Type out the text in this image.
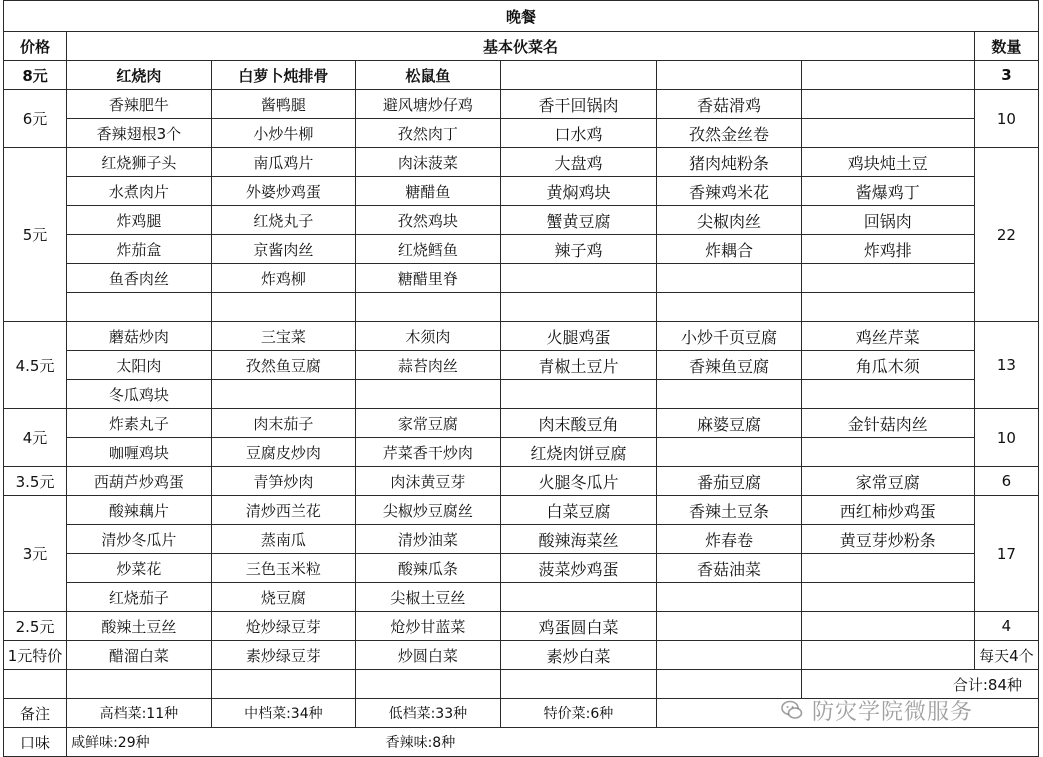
晚餐							
价格	基本伙菜名						数量
8元	红烧肉	白萝卜炖排骨	松鼠鱼				3
6元	香辣肥牛	酱鸭腿	避风塘炒仔鸡	香干回锅肉	香菇滑鸡		10
	香辣翅根3个	小炒牛柳	孜然肉丁	口水鸡	孜然金丝卷		
5元	红烧狮子头	南瓜鸡片	肉沫菠菜	大盘鸡	猪肉炖粉条	鸡块炖土豆	22
	水煮肉片	外婆炒鸡蛋	糖醋鱼	黄焖鸡块	香辣鸡米花	酱爆鸡丁	
	炸鸡腿	红烧丸子	孜然鸡块	蟹黄豆腐	尖椒肉丝	回锅肉	
	炸茄盒	京酱肉丝	红烧鳕鱼	辣子鸡	炸耦合	炸鸡排	
	鱼香肉丝	炸鸡柳	糖醋里脊				

4.5元	蘑菇炒肉	三宝菜	木须肉	火腿鸡蛋	小炒千页豆腐	鸡丝芹菜	13
	太阳肉	孜然鱼豆腐	蒜苔肉丝	青椒土豆片	香辣鱼豆腐	角瓜木须	
	冬瓜鸡块						
4元	炸素丸子	肉末茄子	家常豆腐	肉末酸豆角	麻婆豆腐	金针菇肉丝	10
	咖喱鸡块	豆腐皮炒肉	芹菜香干炒肉	红烧肉饼豆腐			
3.5元	西葫芦炒鸡蛋	青笋炒肉	肉沫黄豆芽	火腿冬瓜片	番茄豆腐	家常豆腐	6
3元	酸辣藕片	清炒西兰花	尖椒炒豆腐丝	白菜豆腐	香辣土豆条	西红柿炒鸡蛋	17
	清炒冬瓜片	蒸南瓜	清炒油菜	酸辣海菜丝	炸春卷	黄豆芽炒粉条	
	炒菜花	三色玉米粒	酸辣瓜条	菠菜炒鸡蛋	香菇油菜		
	红烧茄子	烧豆腐	尖椒土豆丝				
2.5元	酸辣土豆丝	炝炒绿豆芽	炝炒甘蓝菜	鸡蛋圆白菜			4
1元特价	醋溜白菜	素炒绿豆芽	炒圆白菜	素炒白菜			每天4个
						合计:84种	
备注	高档菜:11种	中档菜:34种	低档菜:33种	特价菜:6种			
口味	咸鲜味:29种		香辣味:8种				
防灾学院微服务
